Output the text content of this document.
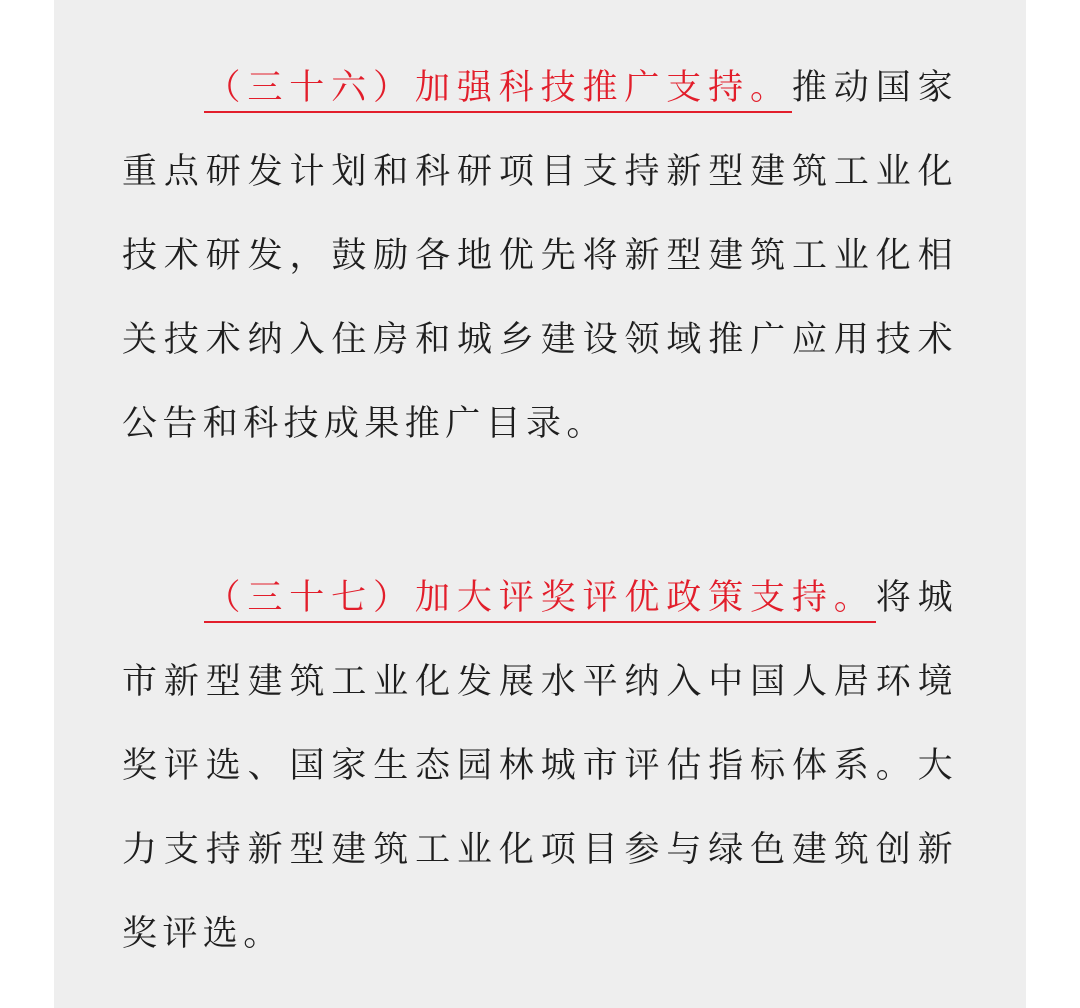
（三十六）加强科技推广支持。推动国家重点研发计划和科研项目支持新型建筑工业化技术研发，鼓励各地优先将新型建筑工业化相关技术纳入住房和城乡建设领域推广应用技术公告和科技成果推广目录。

（三十七）加大评奖评优政策支持。将城市新型建筑工业化发展水平纳入中国人居环境奖评选、国家生态园林城市评估指标体系。大力支持新型建筑工业化项目参与绿色建筑创新奖评选。
